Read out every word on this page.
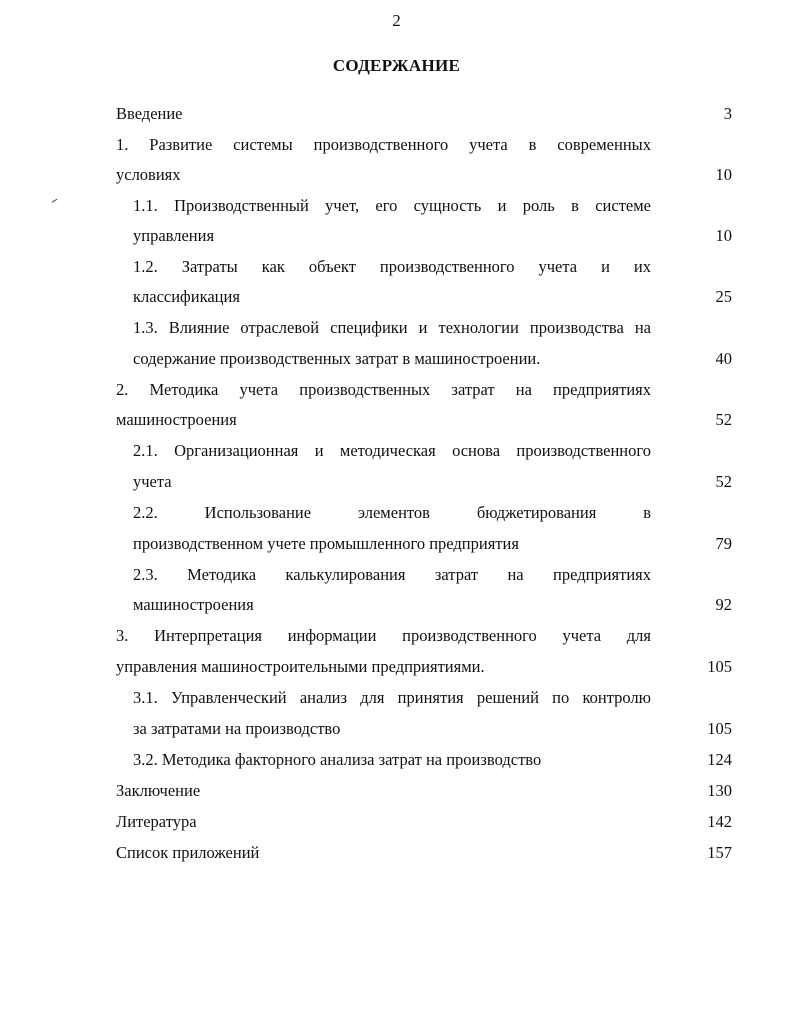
2
СОДЕРЖАНИЕ
Введение	3
1. Развитие системы производственного учета в современных
условиях	10
1.1. Производственный учет, его сущность и роль в системе
управления	10
1.2. Затраты как объект производственного учета и их
классификация	25
1.3. Влияние отраслевой специфики и технологии производства на
содержание производственных затрат в машиностроении.	40
2. Методика учета производственных затрат на предприятиях
машиностроения	52
2.1. Организационная и методическая основа производственного
учета	52
2.2. Использование элементов бюджетирования в
производственном учете промышленного предприятия	79
2.3. Методика калькулирования затрат на предприятиях
машиностроения	92
3. Интерпретация информации производственного учета для
управления машиностроительными предприятиями.	105
3.1. Управленческий анализ для принятия решений по контролю
за затратами на производство	105
3.2. Методика факторного анализа затрат на производство	124
Заключение	130
Литература	142
Список приложений	157
